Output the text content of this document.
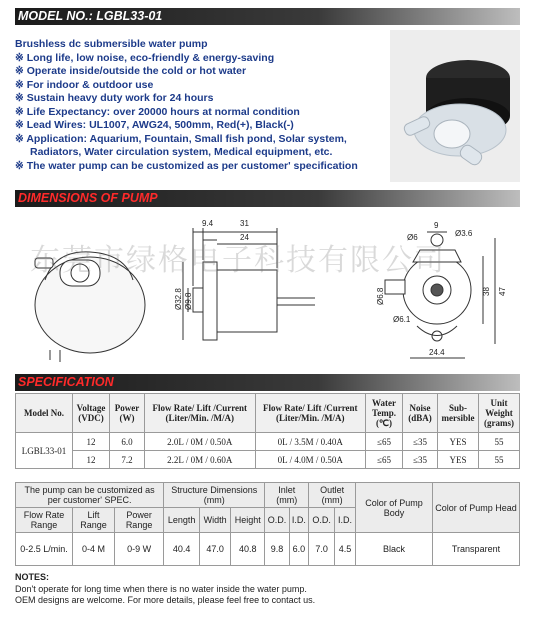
MODEL NO.: LGBL33-01
Brushless dc submersible water pump
※ Long life, low noise, eco-friendly & energy-saving
※ Operate inside/outside the cold or hot water
※ For indoor & outdoor use
※ Sustain heavy duty work for 24 hours
※ Life Expectancy: over 20000 hours at normal condition
※ Lead Wires: UL1007, AWG24, 500mm, Red(+), Black(-)
※ Application: Aquarium, Fountain, Small fish pond, Solar system,
Radiators, Water circulation system, Medical equipment, etc.
※ The water pump can be customized as per customer' specification
DIMENSIONS OF PUMP
9.4	31
24
Ø32.8 Ø9.8
9
Ø3.6
Ø6
Ø6.8	38 47
Ø6.1
24.4
东莞市绿格电子科技有限公司
SPECIFICATION
Model No.	Voltage (VDC)	Power (W)	Flow Rate/ Lift /Current (Liter/Min. /M/A)	Flow Rate/ Lift /Current (Liter/Min. /M/A)	Water Temp. (℃)	Noise (dBA)	Sub-mersible	Unit Weight (grams)
LGBL33-01	12	6.0	2.0L / 0M / 0.50A	0L / 3.5M / 0.40A	≤65	≤35	YES	55
	12	7.2	2.2L / 0M / 0.60A	0L / 4.0M / 0.50A	≤65	≤35	YES	55
The pump can be customized as per customer' SPEC.			Structure Dimensions (mm)			Inlet (mm)		Outlet (mm)		Color of Pump Body	Color of Pump Head
Flow Rate Range	Lift Range	Power Range	Length	Width	Height	O.D.	I.D.	O.D.	I.D.		
0-2.5 L/min.	0-4 M	0-9 W	40.4	47.0	40.8	9.8	6.0	7.0	4.5	Black	Transparent
NOTES:
Don't operate for long time when there is no water inside the water pump.
OEM designs are welcome. For more details, please feel free to contact us.
